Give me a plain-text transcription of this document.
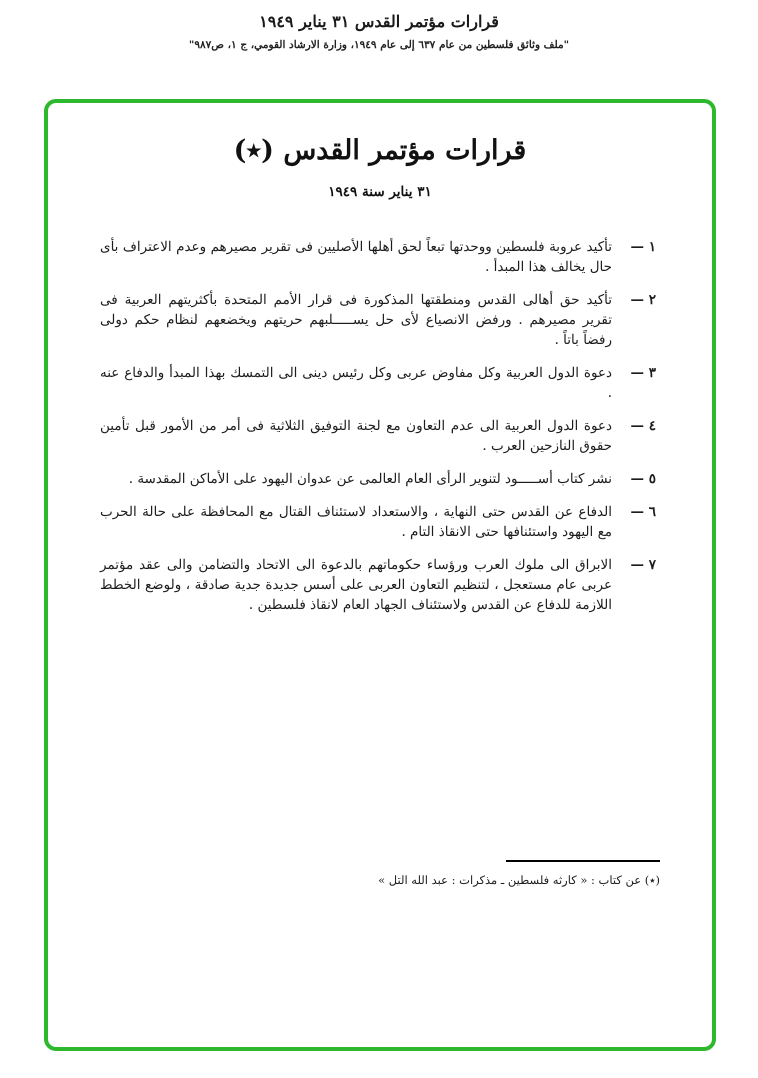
قرارات مؤتمر القدس ٣١ يناير ١٩٤٩
"ملف وثائق فلسطين من عام ٦٣٧ إلى عام ١٩٤٩، وزارة الارشاد القومي، ج ١، ص٩٨٧"
قرارات مؤتمر القدس (٭)
٣١ يناير سنة ١٩٤٩
١ —

تأكيد عروبة فلسطين ووحدتها تبعاً لحق أهلها الأصليين فى تقرير مصيرهم وعدم الاعتراف بأى حال يخالف هذا المبدأ .

٢ —

تأكيد حق أهالى القدس ومنطقتها المذكورة فى قرار الأمم المتحدة بأكثريتهم العربية فى تقرير مصيرهم . ورفض الانصياع لأى حل يســـــلبهم حريتهم ويخضعهم لنظام حكم دولى رفضاً باتاً .

٣ —

دعوة الدول العربية وكل مفاوض عربى وكل رئيس دينى الى التمسك بهذا المبدأ والدفاع عنه .

٤ —

دعوة الدول العربية الى عدم التعاون مع لجنة التوفيق الثلاثية فى أمر من الأمور قبل تأمين حقوق النازحين العرب .

٥ —

نشر كتاب أســـــود لتنوير الرأى العام العالمى عن عدوان اليهود على الأماكن المقدسة .

٦ —

الدفاع عن القدس حتى النهاية ، والاستعداد لاستئناف القتال مع المحافظة على حالة الحرب مع اليهود واستئنافها حتى الانقاذ التام .

٧ —

الابراق الى ملوك العرب ورؤساء حكوماتهم بالدعوة الى الاتحاد والتضامن والى عقد مؤتمر عربى عام مستعجل ، لتنظيم التعاون العربى على أسس جديدة جدية صادقة ، ولوضع الخطط اللازمة للدفاع عن القدس ولاستئناف الجهاد العام لانقاذ فلسطين .

(٭) عن كتاب : « كارثه فلسطين ـ مذكرات : عبد الله التل »
